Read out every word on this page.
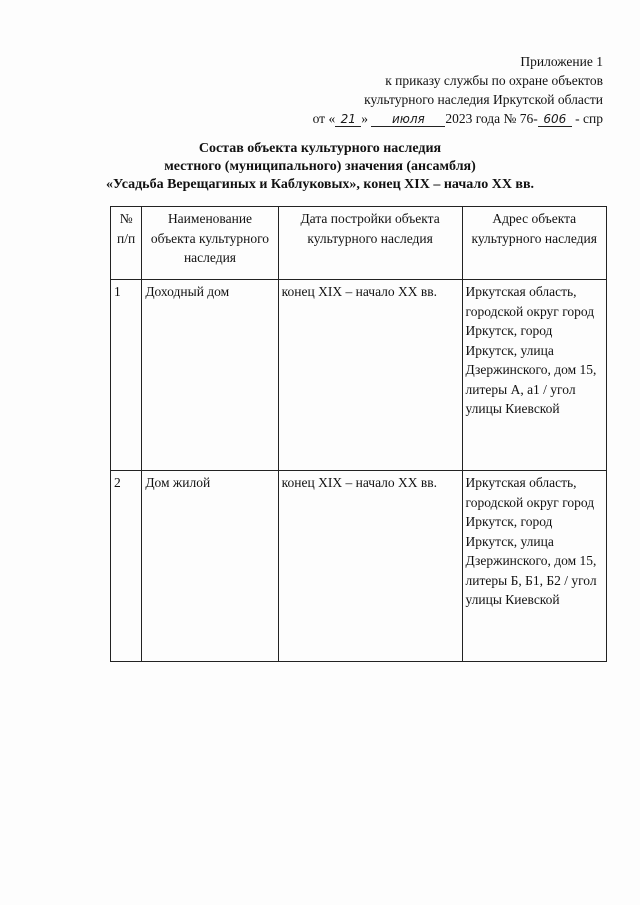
Приложение 1
к приказу службы по охране объектов
культурного наследия Иркутской области
от « 21 » июля 2023 года № 76- 606 - спр
Состав объекта культурного наследия
местного (муниципального) значения (ансамбля)
«Усадьба Верещагиных и Каблуковых», конец XIX – начало XX вв.
№ п/п	Наименование объекта культурного наследия	Дата постройки объекта культурного наследия	Адрес объекта культурного наследия
1	Доходный дом	конец XIX – начало XX вв.	Иркутская область, городской округ город Иркутск, город Иркутск, улица Дзержинского, дом 15, литеры А, а1 / угол улицы Киевской
2	Дом жилой	конец XIX – начало XX вв.	Иркутская область, городской округ город Иркутск, город Иркутск, улица Дзержинского, дом 15, литеры Б, Б1, Б2 / угол улицы Киевской
